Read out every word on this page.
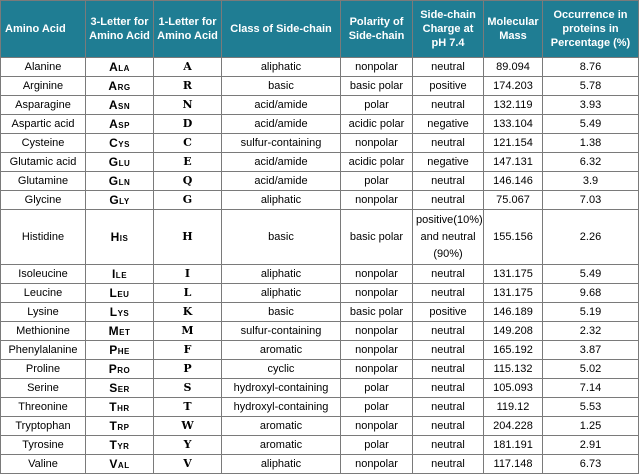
Amino Acid	3-Letter for Amino Acid	1-Letter for Amino Acid	Class of Side-chain	Polarity of Side-chain	Side-chain Charge at pH 7.4	Molecular Mass	Occurrence in proteins in Percentage (%)
Alanine	Ala	A	aliphatic	nonpolar	neutral	89.094	8.76
Arginine	Arg	R	basic	basic polar	positive	174.203	5.78
Asparagine	Asn	N	acid/amide	polar	neutral	132.119	3.93
Aspartic acid	Asp	D	acid/amide	acidic polar	negative	133.104	5.49
Cysteine	Cys	C	sulfur-containing	nonpolar	neutral	121.154	1.38
Glutamic acid	Glu	E	acid/amide	acidic polar	negative	147.131	6.32
Glutamine	Gln	Q	acid/amide	polar	neutral	146.146	3.9
Glycine	Gly	G	aliphatic	nonpolar	neutral	75.067	7.03
Histidine	His	H	basic	basic polar	positive(10%) and neutral (90%)	155.156	2.26
Isoleucine	Ile	I	aliphatic	nonpolar	neutral	131.175	5.49
Leucine	Leu	L	aliphatic	nonpolar	neutral	131.175	9.68
Lysine	Lys	K	basic	basic polar	positive	146.189	5.19
Methionine	Met	M	sulfur-containing	nonpolar	neutral	149.208	2.32
Phenylalanine	Phe	F	aromatic	nonpolar	neutral	165.192	3.87
Proline	Pro	P	cyclic	nonpolar	neutral	115.132	5.02
Serine	Ser	S	hydroxyl-containing	polar	neutral	105.093	7.14
Threonine	Thr	T	hydroxyl-containing	polar	neutral	119.12	5.53
Tryptophan	Trp	W	aromatic	nonpolar	neutral	204.228	1.25
Tyrosine	Tyr	Y	aromatic	polar	neutral	181.191	2.91
Valine	Val	V	aliphatic	nonpolar	neutral	117.148	6.73
